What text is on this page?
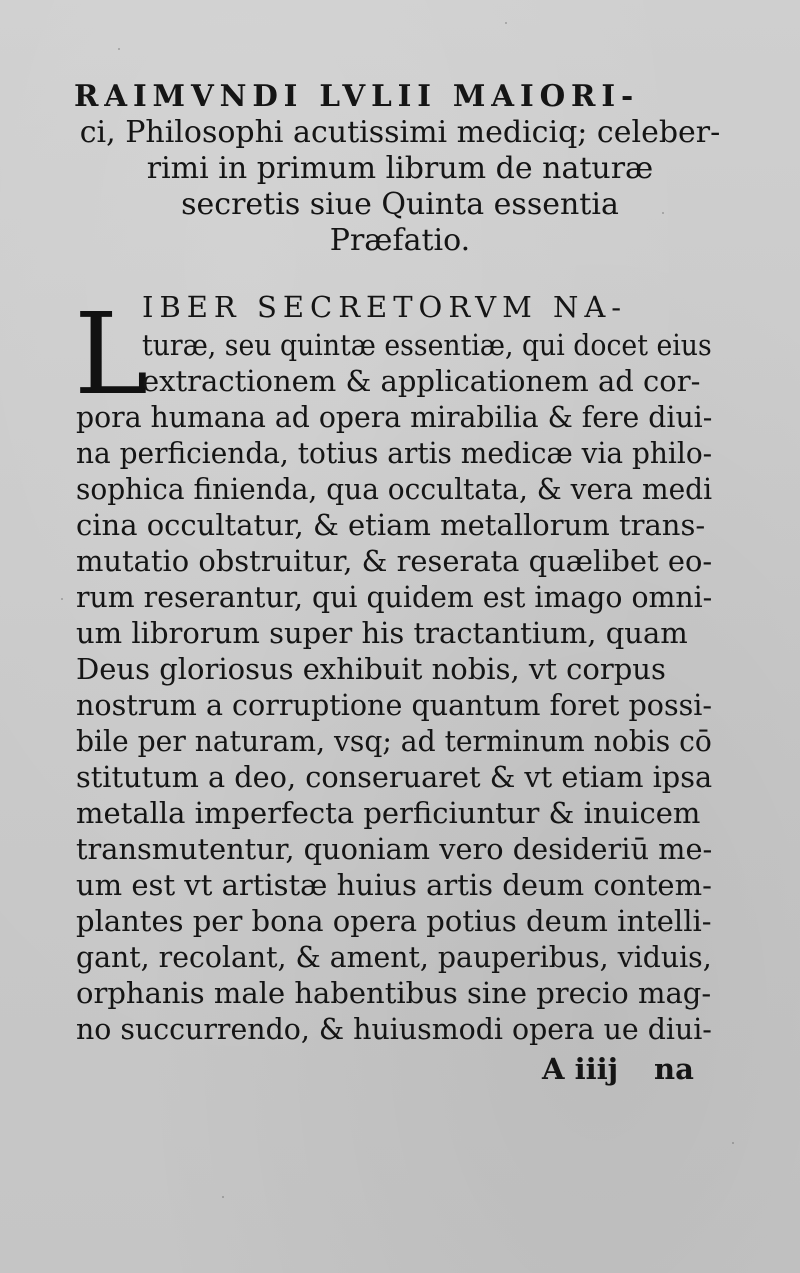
RAIMVNDI LVLII MAIORI-
ci, Philosophi acutissimi mediciq; celeber-
rimi in primum librum de naturæ
secretis siue Quinta essentia
Præfatio.
L
IBER SECRETORVM NA-
turæ, seu quintæ essentiæ, qui docet eius
extractionem & applicationem ad cor-
pora humana ad opera mirabilia & fere diui-
na perficienda, totius artis medicæ via philo-
sophica finienda, qua occultata, & vera medi
cina occultatur, & etiam metallorum trans-
mutatio obstruitur, & reserata quælibet eo-
rum reserantur, qui quidem est imago omni-
um librorum super his tractantium, quam
Deus gloriosus exhibuit nobis, vt corpus
nostrum a corruptione quantum foret possi-
bile per naturam, vsq; ad terminum nobis cō
stitutum a deo, conseruaret & vt etiam ipsa
metalla imperfecta perficiuntur & inuicem
transmutentur, quoniam vero desideriū me-
um est vt artistæ huius artis deum contem-
plantes per bona opera potius deum intelli-
gant, recolant, & ament, pauperibus, viduis,
orphanis male habentibus sine precio mag-
no succurrendo, & huiusmodi opera ue diui-
A iiij na
